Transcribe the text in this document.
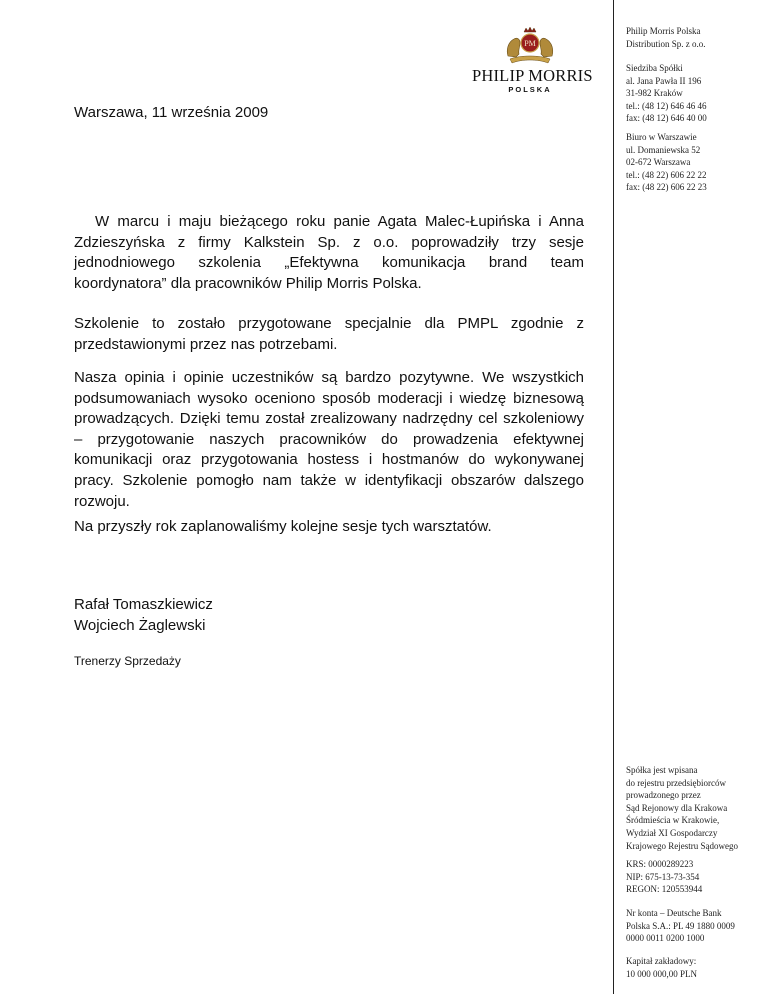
PM
PHILIP MORRIS
POLSKA
Philip Morris Polska
Distribution Sp. z o.o.
Siedziba Spółki
al. Jana Pawła II 196
31-982 Kraków
tel.: (48 12) 646 46 46
fax: (48 12) 646 40 00
Biuro w Warszawie
ul. Domaniewska 52
02-672 Warszawa
tel.: (48 22) 606 22 22
fax: (48 22) 606 22 23
Spółka jest wpisana
do rejestru przedsiębiorców
prowadzonego przez
Sąd Rejonowy dla Krakowa
Śródmieścia w Krakowie,
Wydział XI Gospodarczy
Krajowego Rejestru Sądowego
KRS: 0000289223
NIP: 675-13-73-354
REGON: 120553944
Nr konta – Deutsche Bank
Polska S.A.: PL 49 1880 0009
0000 0011 0200 1000
Kapitał zakładowy:
10 000 000,00 PLN
Warszawa, 11 września 2009
W marcu i maju bieżącego roku panie Agata Malec-Łupińska i Anna Zdzieszyńska z firmy Kalkstein Sp. z o.o. poprowadziły trzy sesje jednodniowego szkolenia „Efektywna komunikacja brand team koordynatora” dla pracowników Philip Morris Polska.
Szkolenie to zostało przygotowane specjalnie dla PMPL zgodnie z przedstawionymi przez nas potrzebami.
Nasza opinia i opinie uczestników są bardzo pozytywne. We wszystkich podsumowaniach wysoko oceniono sposób moderacji i wiedzę biznesową prowadzących. Dzięki temu został zrealizowany nadrzędny cel szkoleniowy – przygotowanie naszych pracowników do prowadzenia efektywnej komunikacji oraz przygotowania hostess i hostmanów do wykonywanej pracy. Szkolenie pomogło nam także w identyfikacji obszarów dalszego rozwoju.
Na przyszły rok zaplanowaliśmy kolejne sesje tych warsztatów.
Rafał Tomaszkiewicz
Wojciech Żaglewski
Trenerzy Sprzedaży
